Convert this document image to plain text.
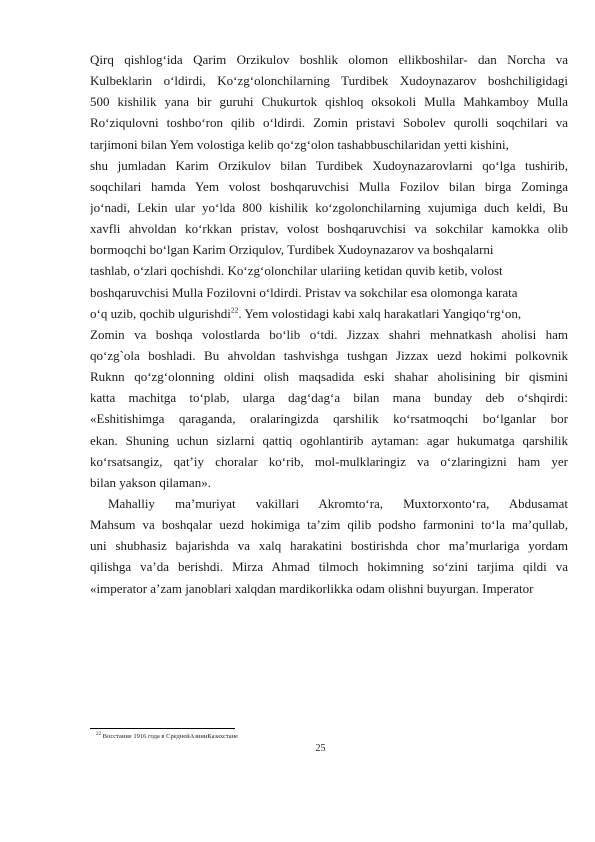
Qirq qishlog‘ida Qarim Orzikulov boshlik olomon ellikboshilar- dan Norcha va
Kulbeklarin o‘ldirdi, Ko‘zg‘olonchilarning Turdibek Xudoynazarov boshchiligidagi
500 kishilik yana bir guruhi Chukurtok qishloq oksokoli Mulla Mahkamboy Mulla
Ro‘ziqulovni toshbo‘ron qilib o‘ldirdi. Zomin pristavi Sobolev qurolli soqchilari va
tarjimoni bilan Yem volostiga kelib qo‘zg‘olon tashabbuschilaridan yetti kishini,
shu jumladan Karim Orzikulov bilan Turdibek Xudoynazarovlarni qo‘lga tushirib,
soqchilari hamda Yem volost boshqaruvchisi Mulla Fozilov bilan birga Zominga
jo‘nadi, Lekin ular yo‘lda 800 kishilik ko‘zgolonchilarning xujumiga duch keldi, Bu
xavfli ahvoldan ko‘rkkan pristav, volost boshqaruvchisi va sokchilar kamokka olib
bormoqchi bo‘lgan Karim Orziqulov, Turdibek Xudoynazarov va boshqalarni
tashlab, o‘zlari qochishdi. Ko‘zg‘olonchilar ulariing ketidan quvib ketib, volost
boshqaruvchisi Mulla Fozilovni o‘ldirdi. Pristav va sokchilar esa olomonga karata
o‘q uzib, qochib ulgurishdi$^{22}$. Yem volostidagi kabi xalq harakatlari Yangiqo‘rg‘on,
Zomin va boshqa volostlarda bo‘lib o‘tdi. Jizzax shahri mehnatkash aholisi ham
qo‘zg`ola boshladi. Bu ahvoldan tashvishga tushgan Jizzax uezd hokimi polkovnik
Ruknn qo‘zg‘olonning oldini olish maqsadida eski shahar aholisining bir qismini
katta machitga to‘plab, ularga dag‘dag‘a bilan mana bunday deb o‘shqirdi:
«Eshitishimga qaraganda, oralaringizda qarshilik ko‘rsatmoqchi bo‘lganlar bor
ekan. Shuning uchun sizlarni qattiq ogohlantirib aytaman: agar hukumatga qarshilik
ko‘rsatsangiz, qat’iy choralar ko‘rib, mol-mulklaringiz va o‘zlaringizni ham yer
bilan yakson qilaman».
Mahalliy ma’muriyat vakillari Akromto‘ra, Muxtorxonto‘ra, Abdusamat
Mahsum va boshqalar uezd hokimiga ta’zim qilib podsho farmonini to‘la ma’qullab,
uni shubhasiz bajarishda va xalq harakatini bostirishda chor ma’murlariga yordam
qilishga va’da berishdi. Mirza Ahmad tilmoch hokimning so‘zini tarjima qildi va
«imperator a’zam janoblari xalqdan mardikorlikka odam olishni buyurgan. Imperator
$^{22}$ Восстание 1916 года в СреднейАзиииКазахстане
25
